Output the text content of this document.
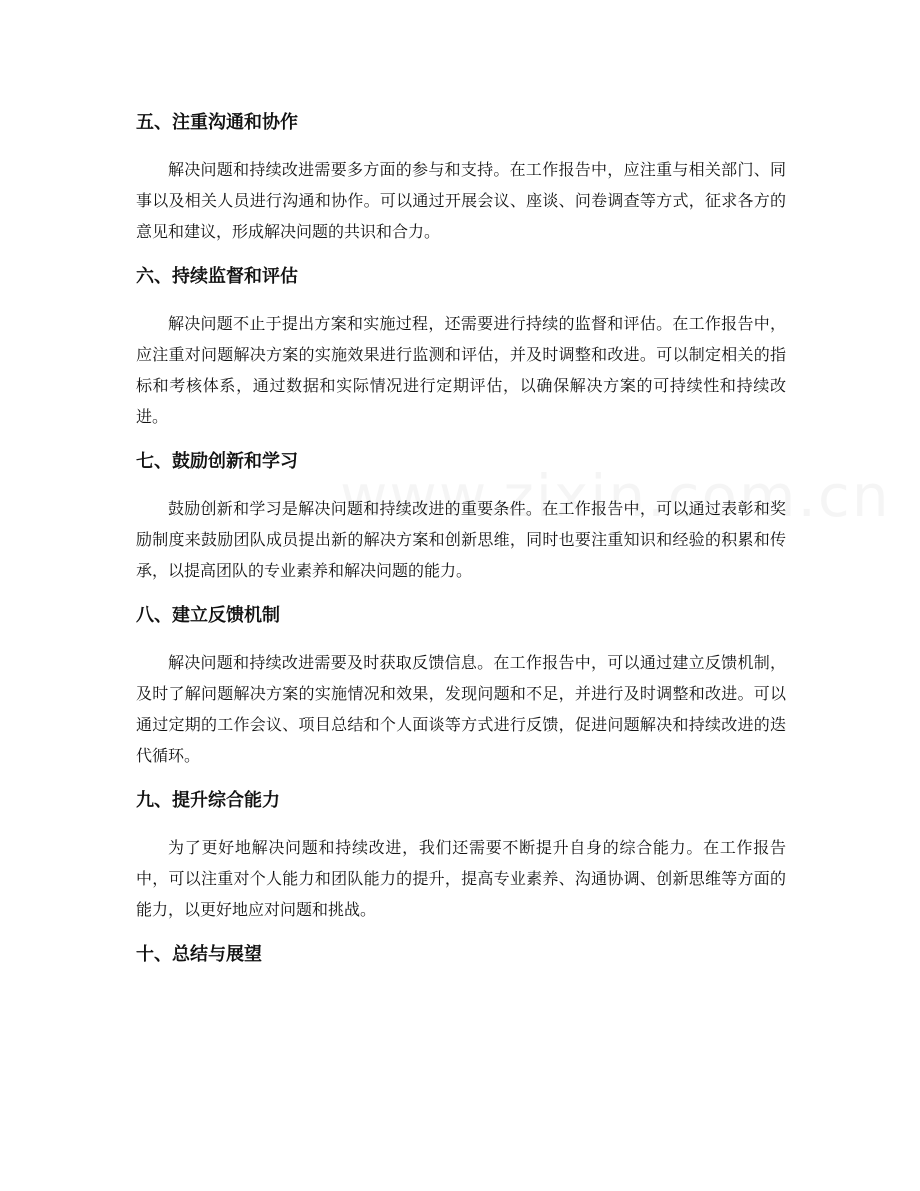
五、注重沟通和协作

解决问题和持续改进需要多方面的参与和支持。在工作报告中，应注重与相关部门、同事以及相关人员进行沟通和协作。可以通过开展会议、座谈、问卷调查等方式，征求各方的意见和建议，形成解决问题的共识和合力。

六、持续监督和评估

解决问题不止于提出方案和实施过程，还需要进行持续的监督和评估。在工作报告中，应注重对问题解决方案的实施效果进行监测和评估，并及时调整和改进。可以制定相关的指标和考核体系，通过数据和实际情况进行定期评估，以确保解决方案的可持续性和持续改进。

七、鼓励创新和学习

鼓励创新和学习是解决问题和持续改进的重要条件。在工作报告中，可以通过表彰和奖励制度来鼓励团队成员提出新的解决方案和创新思维，同时也要注重知识和经验的积累和传承，以提高团队的专业素养和解决问题的能力。

八、建立反馈机制

解决问题和持续改进需要及时获取反馈信息。在工作报告中，可以通过建立反馈机制，及时了解问题解决方案的实施情况和效果，发现问题和不足，并进行及时调整和改进。可以通过定期的工作会议、项目总结和个人面谈等方式进行反馈，促进问题解决和持续改进的迭代循环。

九、提升综合能力

为了更好地解决问题和持续改进，我们还需要不断提升自身的综合能力。在工作报告中，可以注重对个人能力和团队能力的提升，提高专业素养、沟通协调、创新思维等方面的能力，以更好地应对问题和挑战。

十、总结与展望
